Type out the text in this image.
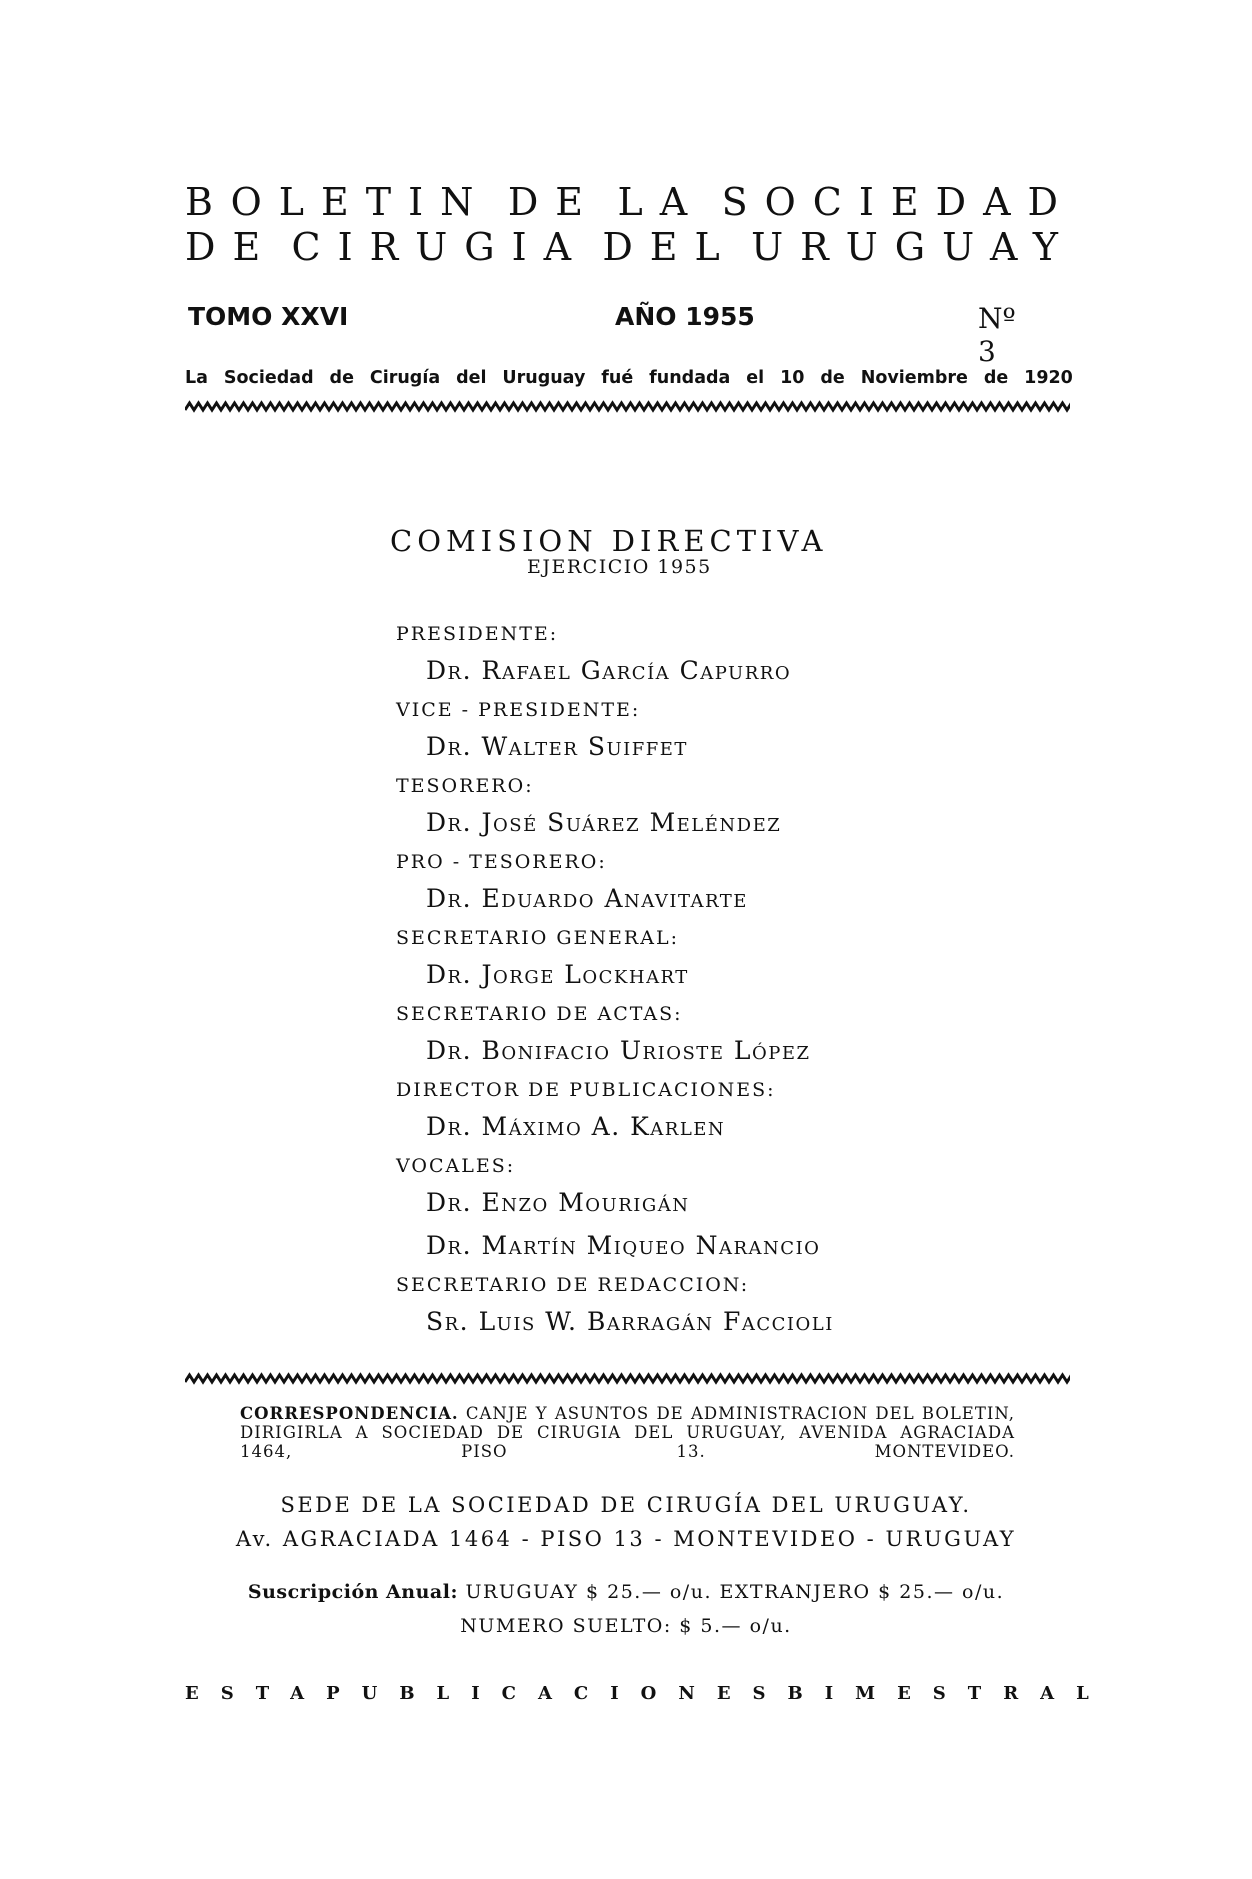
BOLETIN DE LA SOCIEDAD
DE CIRUGIA DEL URUGUAY
TOMO XXVI	AÑO 1955	Nº 3
La Sociedad de Cirugía del Uruguay fué fundada el 10 de Noviembre de 1920
COMISION DIRECTIVA
EJERCICIO 1955
PRESIDENTE:
Dr. Rafael García Capurro
VICE - PRESIDENTE:
Dr. Walter Suiffet
TESORERO:
Dr. José Suárez Meléndez
PRO - TESORERO:
Dr. Eduardo Anavitarte
SECRETARIO GENERAL:
Dr. Jorge Lockhart
SECRETARIO DE ACTAS:
Dr. Bonifacio Urioste López
DIRECTOR DE PUBLICACIONES:
Dr. Máximo A. Karlen
VOCALES:
Dr. Enzo Mourigán
Dr. Martín Miqueo Narancio
SECRETARIO DE REDACCION:
Sr. Luis W. Barragán Faccioli
CORRESPONDENCIA. CANJE Y ASUNTOS DE ADMINISTRACION DEL BOLETIN, DIRIGIRLA A SOCIEDAD DE CIRUGIA DEL URUGUAY, AVENIDA AGRACIADA 1464, PISO 13. MONTEVIDEO.
SEDE DE LA SOCIEDAD DE CIRUGÍA DEL URUGUAY.
Av. AGRACIADA 1464 - PISO 13 - MONTEVIDEO - URUGUAY
Suscripción Anual: URUGUAY $ 25.— o/u. EXTRANJERO $ 25.— o/u.
NUMERO SUELTO: $ 5.— o/u.
ESTA PUBLICACION ES BIMESTRAL
